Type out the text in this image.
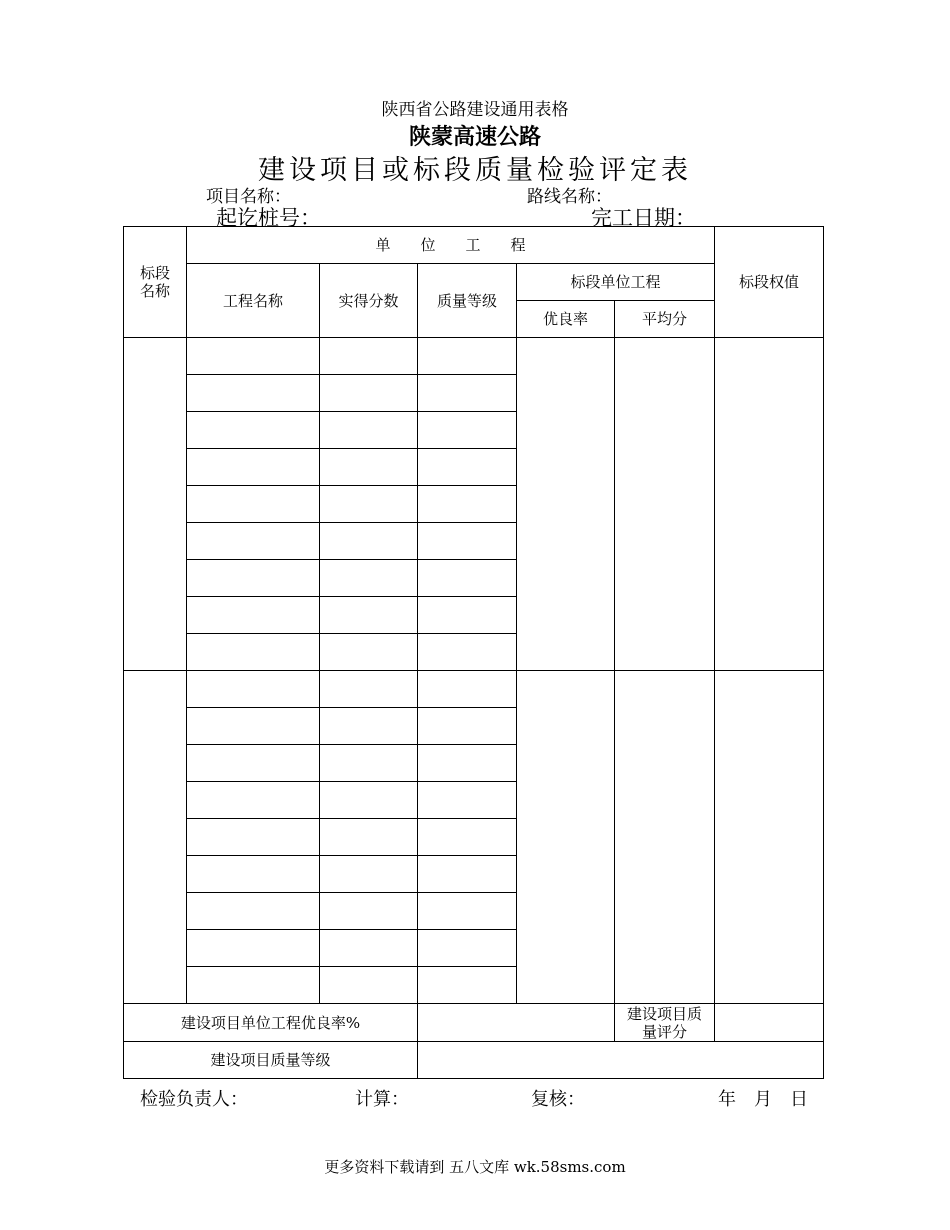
陕西省公路建设通用表格
陕蒙高速公路
建设项目或标段质量检验评定表
项目名称：	路线名称：
起讫桩号：	完工日期：
标段
名称	单　　位　　工　　程					标段权值
	工程名称	实得分数	质量等级	标段单位工程		
				优良率	平均分	

建设项目单位工程优良率%					建设项目质
量评分	
建设项目质量等级						
检验负责人：	计算：	复核：	年　月　日
更多资料下载请到 五八文库 wk.58sms.com
